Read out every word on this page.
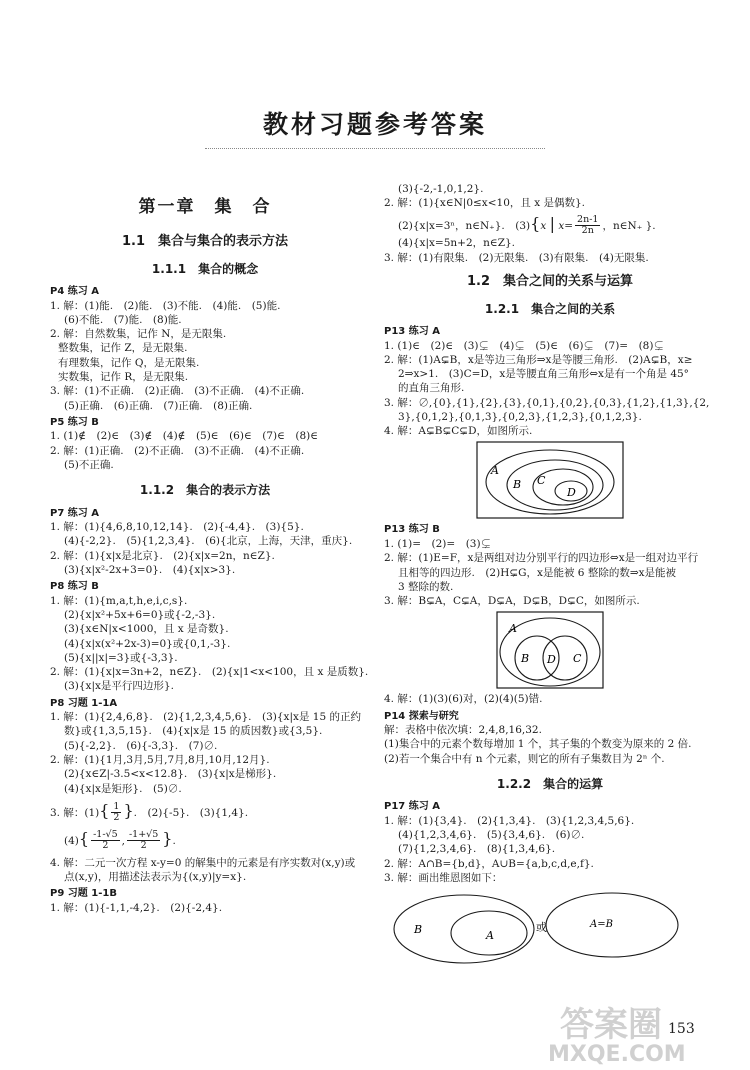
教材习题参考答案
第一章　集　合
1.1　集合与集合的表示方法
1.1.1　集合的概念
P4 练习 A
1. 解：(1)能.　(2)能.　(3)不能.　(4)能.　(5)能.
(6)不能.　(7)能.　(8)能.
2. 解：自然数集，记作 N，是无限集.
整数集，记作 Z，是无限集.
有理数集，记作 Q，是无限集.
实数集，记作 R，是无限集.
3. 解：(1)不正确.　(2)正确.　(3)不正确.　(4)不正确.
(5)正确.　(6)正确.　(7)正确.　(8)正确.
P5 练习 B
1. (1)∉　(2)∈　(3)∉　(4)∉　(5)∈　(6)∈　(7)∈　(8)∈
2. 解：(1)正确.　(2)不正确.　(3)不正确.　(4)不正确.
(5)不正确.
1.1.2　集合的表示方法
P7 练习 A
1. 解：(1){4,6,8,10,12,14}.　(2){-4,4}.　(3){5}.
(4){-2,2}.　(5){1,2,3,4}.　(6){北京，上海，天津，重庆}.
2. 解：(1){x|x是北京}.　(2){x|x=2n，n∈Z}.
(3){x|x²-2x+3=0}.　(4){x|x>3}.
P8 练习 B
1. 解：(1){m,a,t,h,e,i,c,s}.
(2){x|x²+5x+6=0}或{-2,-3}.
(3){x∈N|x<1000，且 x 是奇数}.
(4){x|x(x²+2x-3)=0}或{0,1,-3}.
(5){x||x|=3}或{-3,3}.
2. 解：(1){x|x=3n+2，n∈Z}.　(2){x|1<x<100，且 x 是质数}.
(3){x|x是平行四边形}.
P8 习题 1-1A
1. 解：(1){2,4,6,8}.　(2){1,2,3,4,5,6}.　(3){x|x是 15 的正约
数}或{1,3,5,15}.　(4){x|x是 15 的质因数}或{3,5}.
(5){-2,2}.　(6){-3,3}.　(7)∅.
2. 解：(1){1月,3月,5月,7月,8月,10月,12月}.
(2){x∈Z|-3.5<x<12.8}.　(3){x|x是梯形}.
(4){x|x是矩形}.　(5)∅.
3. 解：$(1)\{ \frac{1}{2}$ }.　(2){-5}.　(3){1,4}.
$(4)\{ \frac{-1-√5}{2}$ , $\frac{-1+√5}{2}$ }.
4. 解：二元一次方程 x-y=0 的解集中的元素是有序实数对(x,y)或
点(x,y)，用描述法表示为{(x,y)|y=x}.
P9 习题 1-1B
1. 解：(1){-1,1,-4,2}.　(2){-2,4}.
(3){-2,-1,0,1,2}.
2. 解：(1){x∈N|0≤x<10，且 x 是偶数}.
(2){x|x=3ⁿ，n∈N₊}.　(3){x | $x= \frac{2n-1}{2n}$ ，n∈N₊ }.
(4){x|x=5n+2，n∈Z}.
3. 解：(1)有限集.　(2)无限集.　(3)有限集.　(4)无限集.
1.2　集合之间的关系与运算
1.2.1　集合之间的关系
P13 练习 A
1. (1)∈　(2)∈　(3)⊊　(4)⊊　(5)∈　(6)⊊　(7)=　(8)⊊
2. 解：(1)A⊊B，x是等边三角形⇒x是等腰三角形.　(2)A⊊B，x≥
2⇒x>1.　(3)C=D，x是等腰直角三角形⇔x是有一个角是 45°
的直角三角形.
3. 解：∅,{0},{1},{2},{3},{0,1},{0,2},{0,3},{1,2},{1,3},{2,
3},{0,1,2},{0,1,3},{0,2,3},{1,2,3},{0,1,2,3}.
4. 解：A⊊B⊊C⊊D，如图所示.
A
B C
D
P13 练习 B
1. (1)=　(2)=　(3)⊊
2. 解：(1)E=F，x是两组对边分别平行的四边形⇔x是一组对边平行
且相等的四边形.　(2)H⊊G，x是能被 6 整除的数⇒x是能被
3 整除的数.
3. 解：B⊊A，C⊊A，D⊊A，D⊊B，D⊊C，如图所示.
A
B D C
4. 解：(1)(3)(6)对，(2)(4)(5)错.
P14 探索与研究
解：表格中依次填：2,4,8,16,32.
(1)集合中的元素个数每增加 1 个，其子集的个数变为原来的 2 倍.
(2)若一个集合中有 n 个元素，则它的所有子集数目为 2ⁿ 个.
1.2.2　集合的运算
P17 练习 A
1. 解：(1){3,4}.　(2){1,3,4}.　(3){1,2,3,4,5,6}.
(4){1,2,3,4,6}.　(5){3,4,6}.　(6)∅.
(7){1,2,3,4,6}.　(8){1,3,4,6}.
2. 解：A∩B={b,d}，A∪B={a,b,c,d,e,f}.
3. 解：画出维恩图如下：
B	A
或	A=B
答案圈
MXQE.COM
153
